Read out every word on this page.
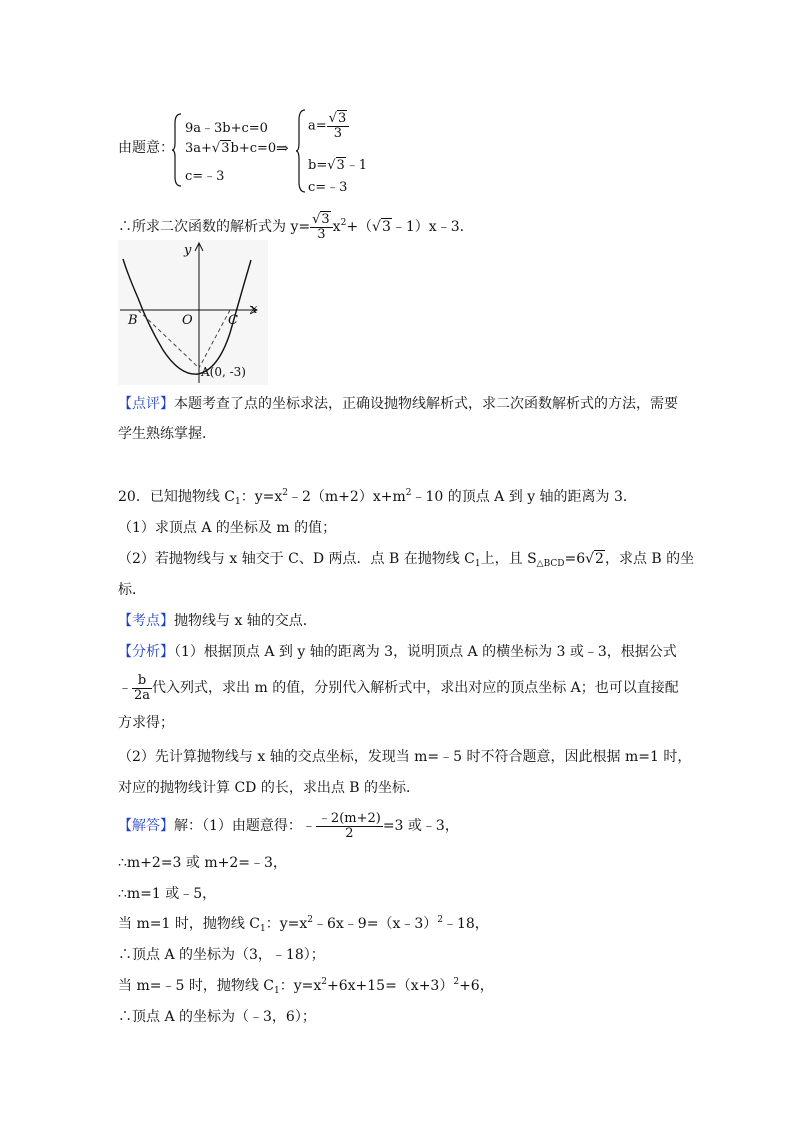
由题意：
9a﹣3b+c=0
3a+√3b+c=0
c=﹣3
⇒
$a= \frac{√3}{3}$
b=√3﹣1
c=﹣3
∴所求二次函数的解析式为 $y= \frac{√3}{3}$ $x^2+(√3﹣1)x﹣3$．
y
x
B	O	C
A(0, -3)
【点评】本题考查了点的坐标求法，正确设抛物线解析式，求二次函数解析式的方法，需要
学生熟练掌握．
20．已知抛物线 $C_1$：$y=x^2﹣2(m+2)x+m^2﹣10$ 的顶点 A 到 y 轴的距离为 3．
（1）求顶点 A 的坐标及 m 的值；
（2）若抛物线与 x 轴交于 C、D 两点．点 B 在抛物线 $C_1$上，且 $S_{\triangle BCD}=6√2$，求点 B 的坐
标．
【考点】抛物线与 x 轴的交点．
【分析】（1）根据顶点 A 到 y 轴的距离为 3，说明顶点 A 的横坐标为 3 或﹣3，根据公式
﹣ $\frac{b}{2a}$ 代入列式，求出 m 的值，分别代入解析式中，求出对应的顶点坐标 A；也可以直接配
方求得；
（2）先计算抛物线与 x 轴的交点坐标，发现当 m=﹣5 时不符合题意，因此根据 m=1 时，
对应的抛物线计算 CD 的长，求出点 B 的坐标．
【解答】解：（1）由题意得：﹣ $\frac{﹣2(m+2)}{2} =3$ 或﹣3，
∴m+2=3 或 m+2=﹣3，
∴m=1 或﹣5，
当 m=1 时，抛物线 $C_1$：$y=x^2﹣6x﹣9=(x﹣3)^2﹣18$，
∴顶点 A 的坐标为（3，﹣18）；
当 m=﹣5 时，抛物线 $C_1$：$y=x^2+6x+15=(x+3)^2+6$，
∴顶点 A 的坐标为（﹣3，6）；
